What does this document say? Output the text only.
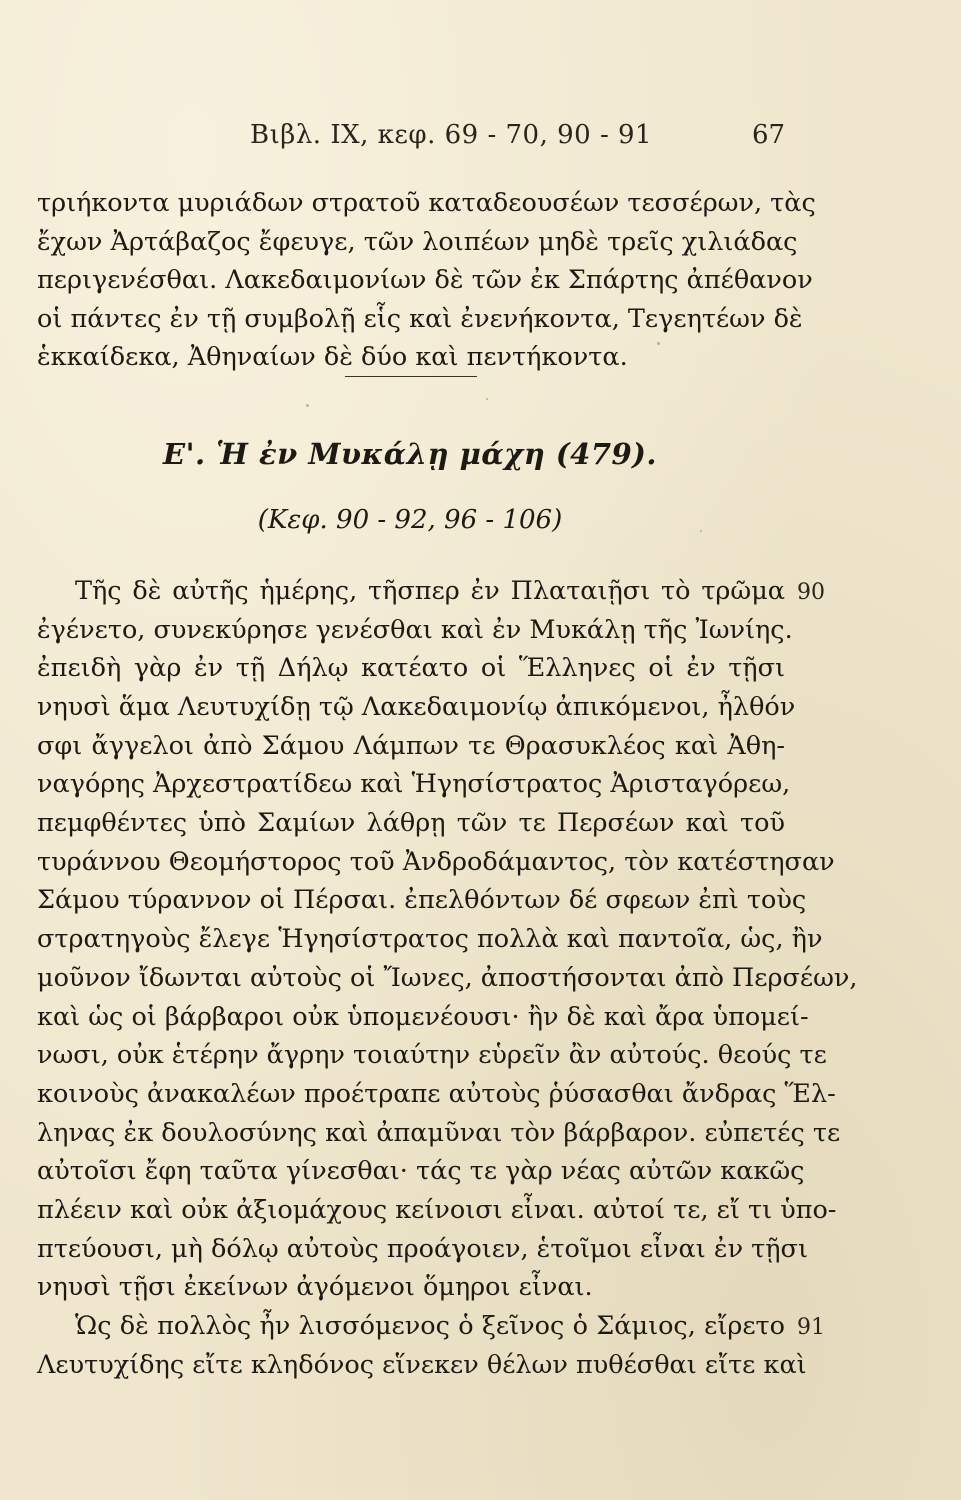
Βιβλ. IX, κεφ. 69 - 70, 90 - 91	67
τριήκοντα μυριάδων στρατοῦ καταδεουσέων τεσσέρων, τὰς
ἔχων Ἀρτάβαζος ἔφευγε, τῶν λοιπέων μηδὲ τρεῖς χιλιάδας
περιγενέσθαι. Λακεδαιμονίων δὲ τῶν ἐκ Σπάρτης ἀπέθανον
οἱ πάντες ἐν τῇ συμβολῇ εἷς καὶ ἐνενήκοντα, Τεγεητέων δὲ
ἑκκαίδεκα, Ἀθηναίων δὲ δύο καὶ πεντήκοντα.
Ε'. Ἡ ἐν Μυκάλῃ μάχη (479).
(Κεφ. 90 - 92, 96 - 106)
Τῆς δὲ αὐτῆς ἡμέρης, τῆσπερ ἐν Πλαταιῇσι τὸ τρῶμα 90
ἐγένετο, συνεκύρησε γενέσθαι καὶ ἐν Μυκάλῃ τῆς Ἰωνίης.
ἐπειδὴ γὰρ ἐν τῇ Δήλῳ κατέατο οἱ Ἕλληνες οἱ ἐν τῇσι
νηυσὶ ἅμα Λευτυχίδῃ τῷ Λακεδαιμονίῳ ἀπικόμενοι, ἦλθόν
σφι ἄγγελοι ἀπὸ Σάμου Λάμπων τε Θρασυκλέος καὶ Ἀθη-
ναγόρης Ἀρχεστρατίδεω καὶ Ἡγησίστρατος Ἀρισταγόρεω,
πεμφθέντες ὑπὸ Σαμίων λάθρῃ τῶν τε Περσέων καὶ τοῦ
τυράννου Θεομήστορος τοῦ Ἀνδροδάμαντος, τὸν κατέστησαν
Σάμου τύραννον οἱ Πέρσαι. ἐπελθόντων δέ σφεων ἐπὶ τοὺς
στρατηγοὺς ἔλεγε Ἡγησίστρατος πολλὰ καὶ παντοῖα, ὡς, ἢν
μοῦνον ἴδωνται αὐτοὺς οἱ Ἴωνες, ἀποστήσονται ἀπὸ Περσέων,
καὶ ὡς οἱ βάρβαροι οὐκ ὑπομενέουσι· ἢν δὲ καὶ ἄρα ὑπομεί-
νωσι, οὐκ ἑτέρην ἄγρην τοιαύτην εὑρεῖν ἂν αὐτούς. θεούς τε
κοινοὺς ἀνακαλέων προέτραπε αὐτοὺς ῥύσασθαι ἄνδρας Ἕλ-
ληνας ἐκ δουλοσύνης καὶ ἀπαμῦναι τὸν βάρβαρον. εὐπετές τε
αὐτοῖσι ἔφη ταῦτα γίνεσθαι· τάς τε γὰρ νέας αὐτῶν κακῶς
πλέειν καὶ οὐκ ἀξιομάχους κείνοισι εἶναι. αὐτοί τε, εἴ τι ὑπο-
πτεύουσι, μὴ δόλῳ αὐτοὺς προάγοιεν, ἑτοῖμοι εἶναι ἐν τῇσι
νηυσὶ τῇσι ἐκείνων ἀγόμενοι ὅμηροι εἶναι.
Ὡς δὲ πολλὸς ἦν λισσόμενος ὁ ξεῖνος ὁ Σάμιος, εἴρετο 91
Λευτυχίδης εἴτε κληδόνος εἵνεκεν θέλων πυθέσθαι εἴτε καὶ
